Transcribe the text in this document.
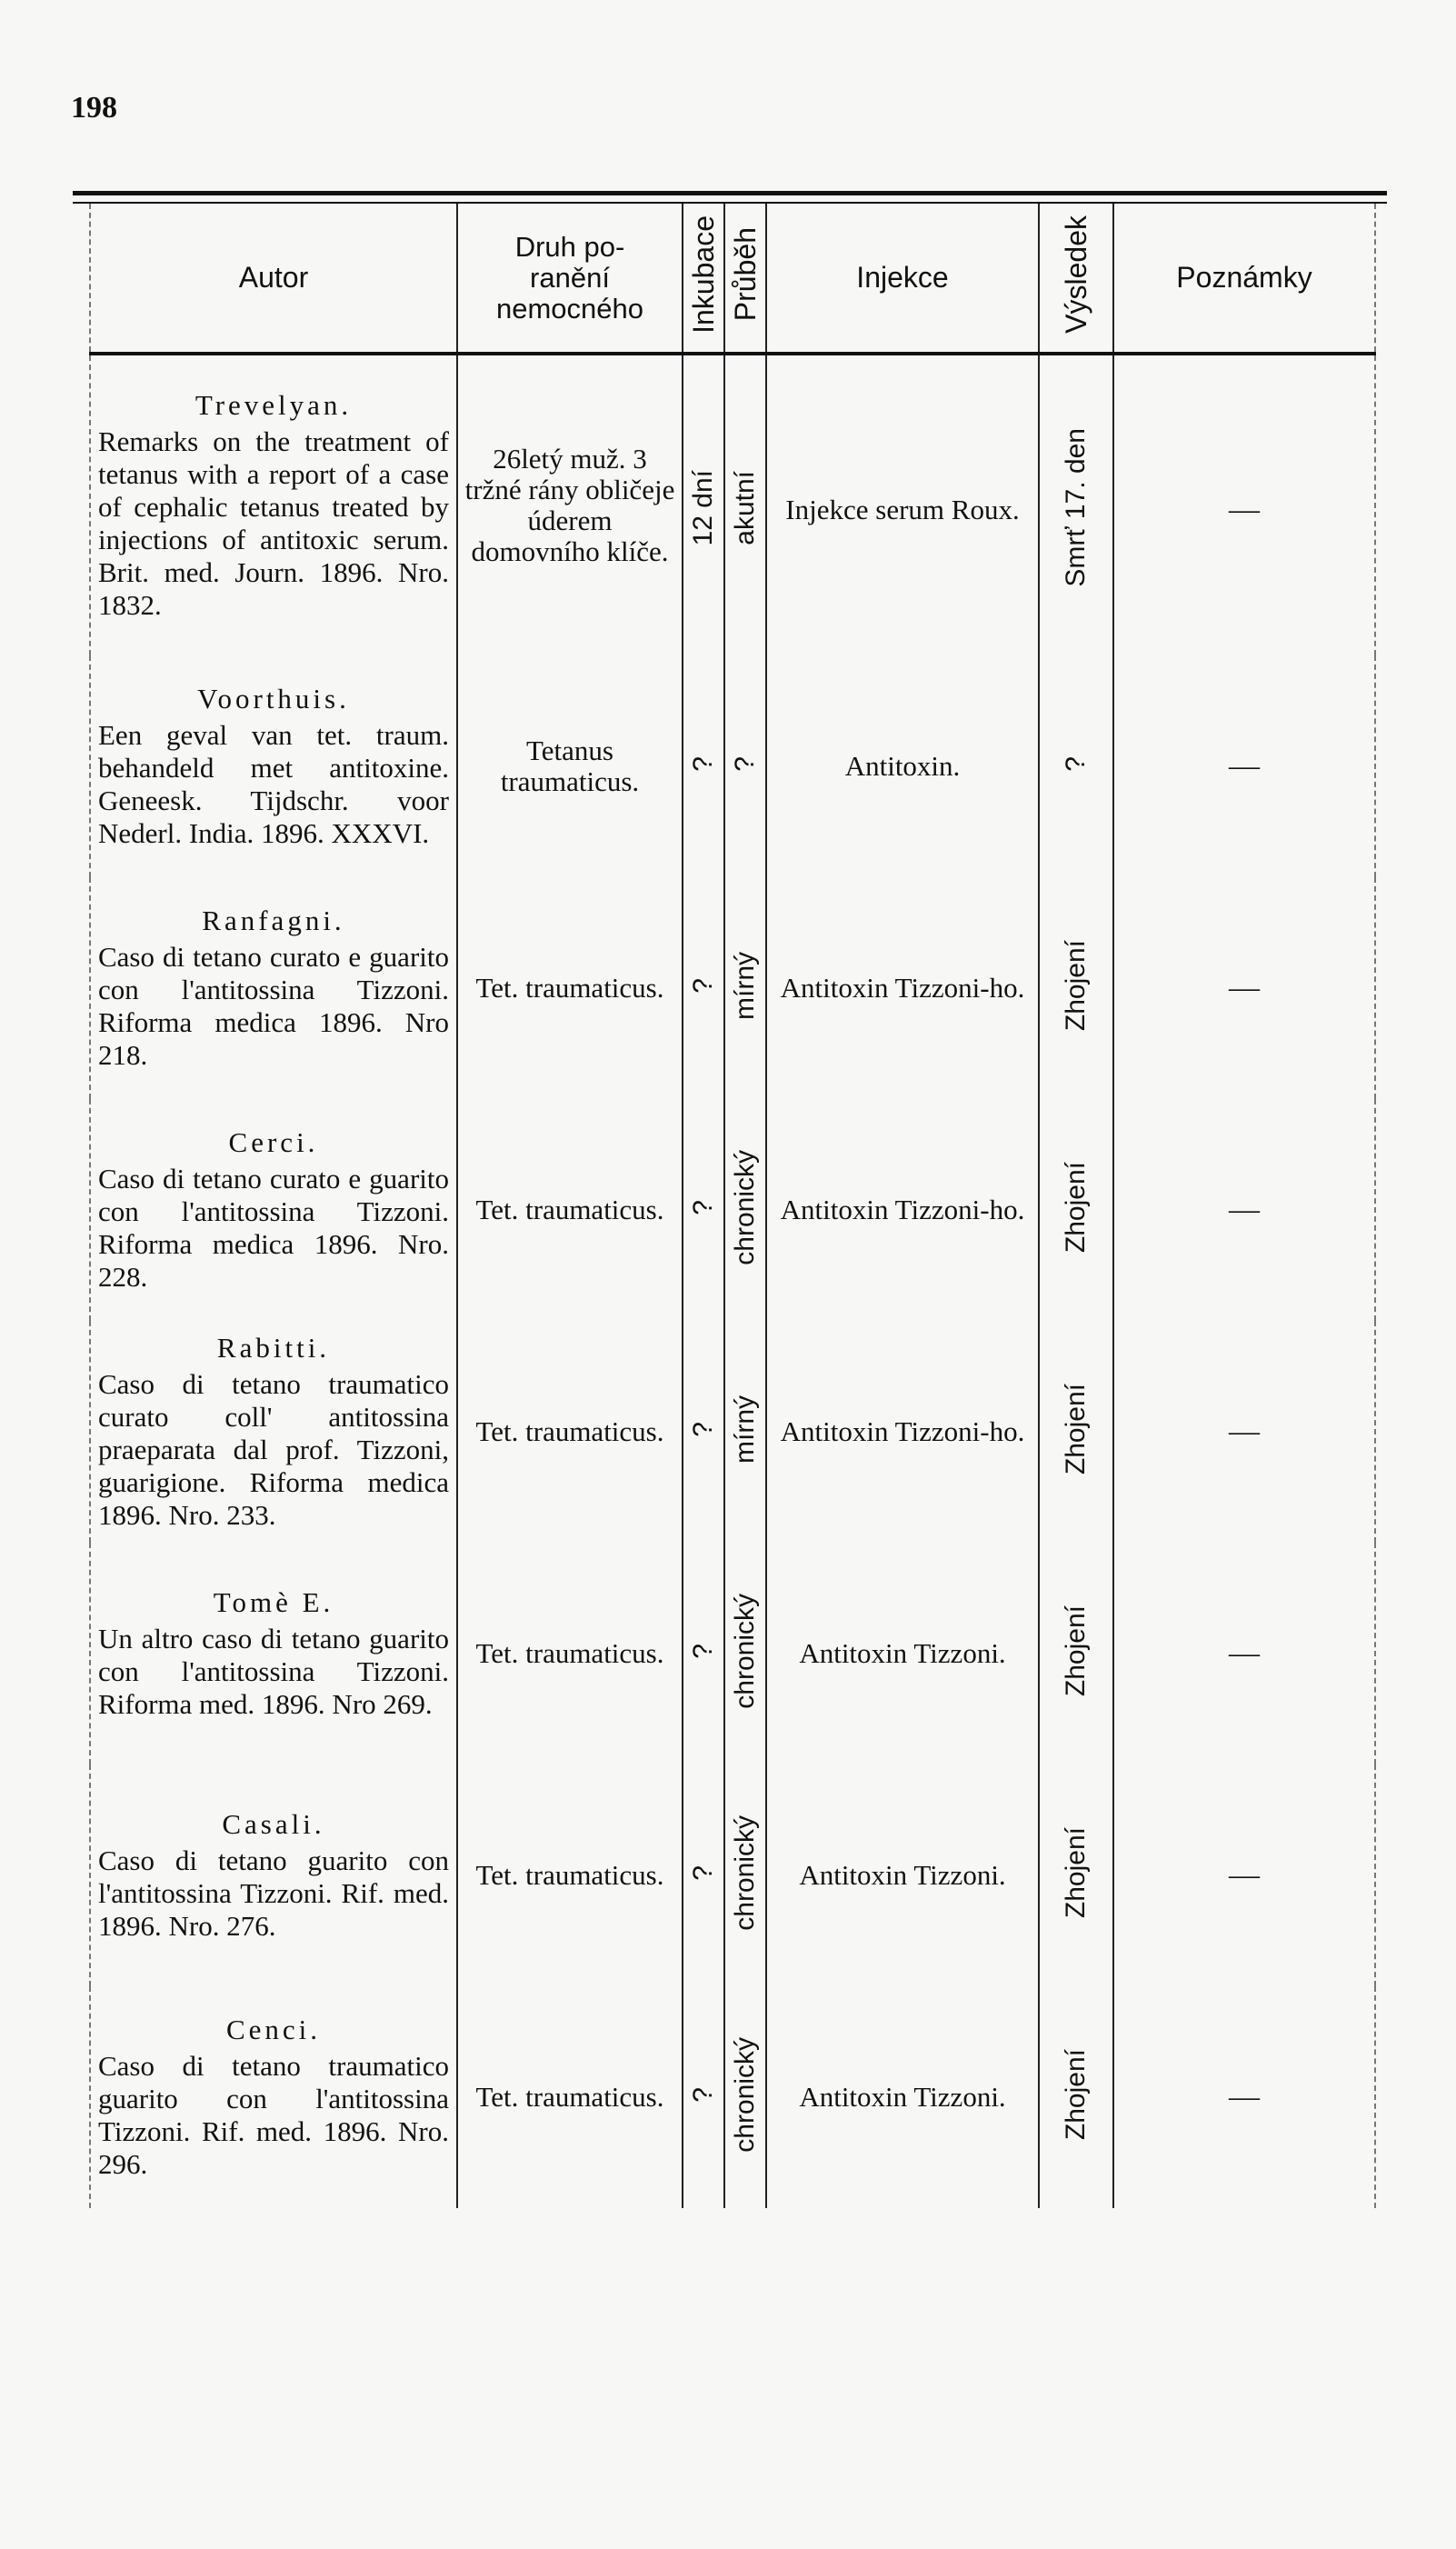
198
Autor	Druh po-
ranění
nemocného	Inkubace	Průběh	Injekce	Výsledek	Poznámky

Trevelyan.
Remarks on the treatment of tetanus with a report of a case of cephalic tetanus treated by injections of antitoxic serum. Brit. med. Journ. 1896. Nro. 1832.	26letý muž. 3 tržné rány obličeje úderem domovního klíče.	12 dní	akutní	Injekce serum Roux.	Smrť 17. den	—

Voorthuis.
Een geval van tet. traum. behandeld met antitoxine. Geneesk. Tijdschr. voor Nederl. India. 1896. XXXVI.	Tetanus traumaticus.	?	?	Antitoxin.	?	—

Ranfagni.
Caso di tetano curato e guarito con l'antitossina Tizzoni. Riforma medica 1896. Nro 218.	Tet. traumaticus.	?	mírný	Antitoxin Tizzoni-ho.	Zhojení	—

Cerci.
Caso di tetano curato e guarito con l'antitossina Tizzoni. Riforma medica 1896. Nro. 228.	Tet. traumaticus.	?	chronický	Antitoxin Tizzoni-ho.	Zhojení	—

Rabitti.
Caso di tetano traumatico curato coll' antitossina praeparata dal prof. Tizzoni, guarigione. Riforma medica 1896. Nro. 233.	Tet. traumaticus.	?	mírný	Antitoxin Tizzoni-ho.	Zhojení	—

Tomè E.
Un altro caso di tetano guarito con l'antitossina Tizzoni. Riforma med. 1896. Nro 269.	Tet. traumaticus.	?	chronický	Antitoxin Tizzoni.	Zhojení	—

Casali.
Caso di tetano guarito con l'antitossina Tizzoni. Rif. med. 1896. Nro. 276.	Tet. traumaticus.	?	chronický	Antitoxin Tizzoni.	Zhojení	—

Cenci.
Caso di tetano traumatico guarito con l'antitossina Tizzoni. Rif. med. 1896. Nro. 296.	Tet. traumaticus.	?	chronický	Antitoxin Tizzoni.	Zhojení	—
